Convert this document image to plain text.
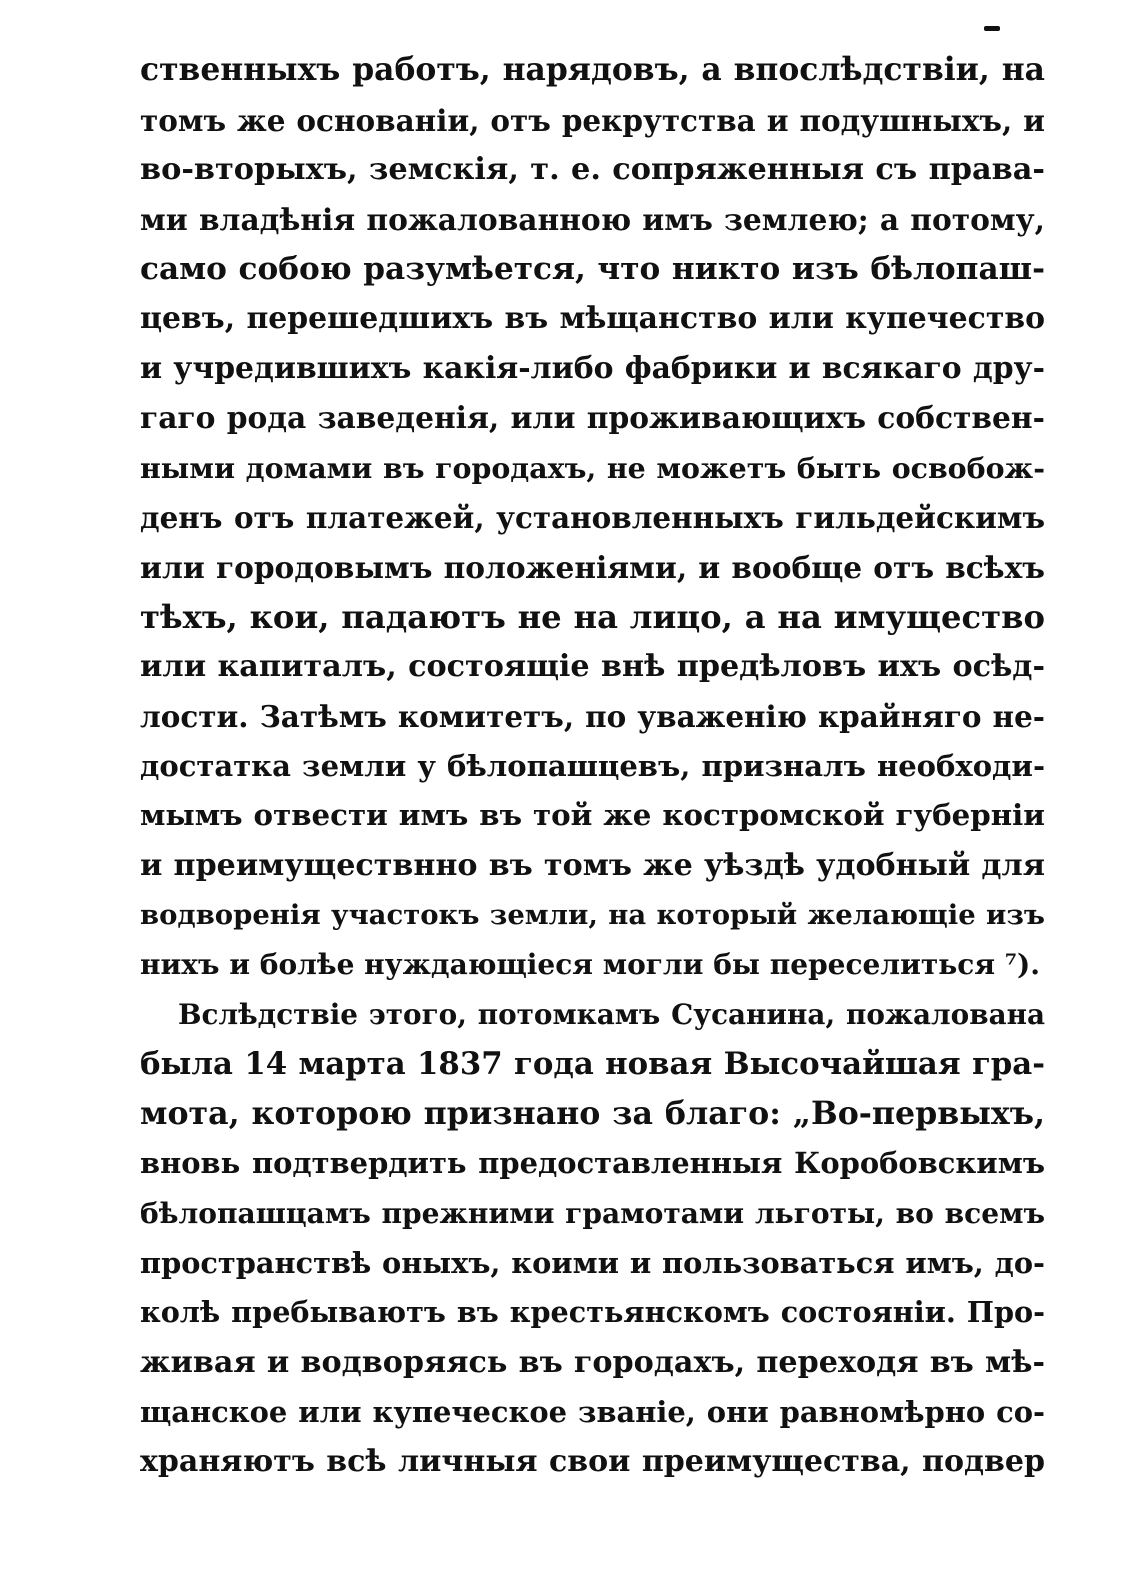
ственныхъ работъ, нарядовъ, а впослѣдствіи, на
томъ же основаніи, отъ рекрутства и подушныхъ, и
во-вторыхъ, земскія, т. е. сопряженныя съ права-
ми владѣнія пожалованною имъ землею; а потому,
само собою разумѣется, что никто изъ бѣлопаш-
цевъ, перешедшихъ въ мѣщанство или купечество
и учредившихъ какія-либо фабрики и всякаго дру-
гаго рода заведенія, или проживающихъ собствен-
ными домами въ городахъ, не можетъ быть освобож-
денъ отъ платежей, установленныхъ гильдейскимъ
или городовымъ положеніями, и вообще отъ всѣхъ
тѣхъ, кои, падаютъ не на лицо, а на имущество
или капиталъ, состоящіе внѣ предѣловъ ихъ осѣд-
лости. Затѣмъ комитетъ, по уваженію крайняго не-
достатка земли у бѣлопашцевъ, призналъ необходи-
мымъ отвести имъ въ той же костромской губерніи
и преимуществнно въ томъ же уѣздѣ удобный для
водворенія участокъ земли, на который желающіе изъ
нихъ и болѣе нуждающіеся могли бы переселиться ⁷).
Вслѣдствіе этого, потомкамъ Сусанина, пожалована
была 14 марта 1837 года новая Высочайшая гра-
мота, которою признано за благо: „Во-первыхъ,
вновь подтвердить предоставленныя Коробовскимъ
бѣлопашцамъ прежними грамотами льготы, во всемъ
пространствѣ оныхъ, коими и пользоваться имъ, до-
колѣ пребываютъ въ крестьянскомъ состояніи. Про-
живая и водворяясь въ городахъ, переходя въ мѣ-
щанское или купеческое званіе, они равномѣрно со-
храняютъ всѣ личныя свои преимущества, подвер
